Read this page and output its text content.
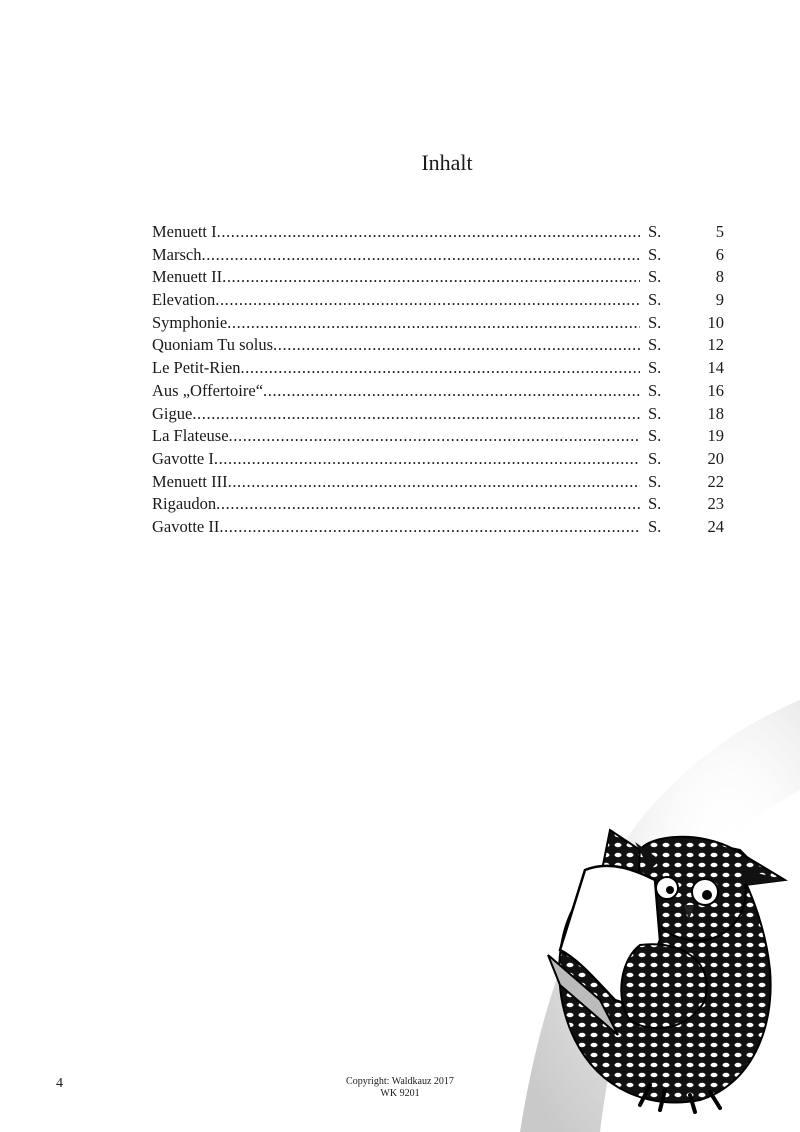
Inhalt
Menuett I .....	S.	5
Marsch .....	S.	6
Menuett II .....	S.	8
Elevation .....	S.	9
Symphonie .....	S.	10
Quoniam Tu solus .....	S.	12
Le Petit-Rien .....	S.	14
Aus „Offertoire“ .....	S.	16
Gigue .....	S.	18
La Flateuse .....	S.	19
Gavotte I .....	S.	20
Menuett III .....	S.	22
Rigaudon .....	S.	23
Gavotte II .....	S.	24
4	Copyright: Waldkauz 2017
WK 9201
